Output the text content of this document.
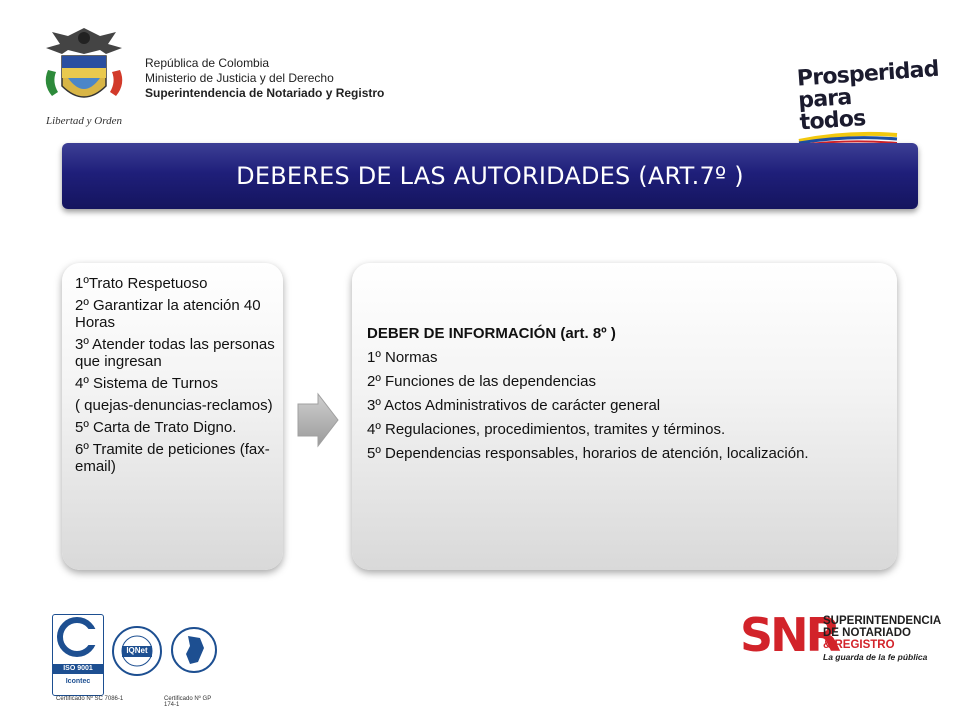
Libertad y Orden
República de Colombia
Ministerio de Justicia y del Derecho
Superintendencia de Notariado y Registro
Prosperidad
para todos
DEBERES DE LAS AUTORIDADES (ART.7º )
1ºTrato Respetuoso
2º Garantizar la atención 40 Horas
3º Atender todas las personas que ingresan
4º Sistema de Turnos
( quejas-denuncias-reclamos)
5º Carta de Trato Digno.
6º Tramite de peticiones (fax-email)
DEBER DE INFORMACIÓN (art. 8º )
1º Normas
2º Funciones de las dependencias
3º Actos Administrativos de carácter general
4º Regulaciones, procedimientos, tramites y términos.
5º Dependencias responsables, horarios de atención, localización.
ISO 9001
Icontec
IQNet
Certificado Nº SC 7086-1	Certificado Nº GP 174-1
SNR
SUPERINTENDENCIA
DE NOTARIADO
& REGISTRO
La guarda de la fe pública
